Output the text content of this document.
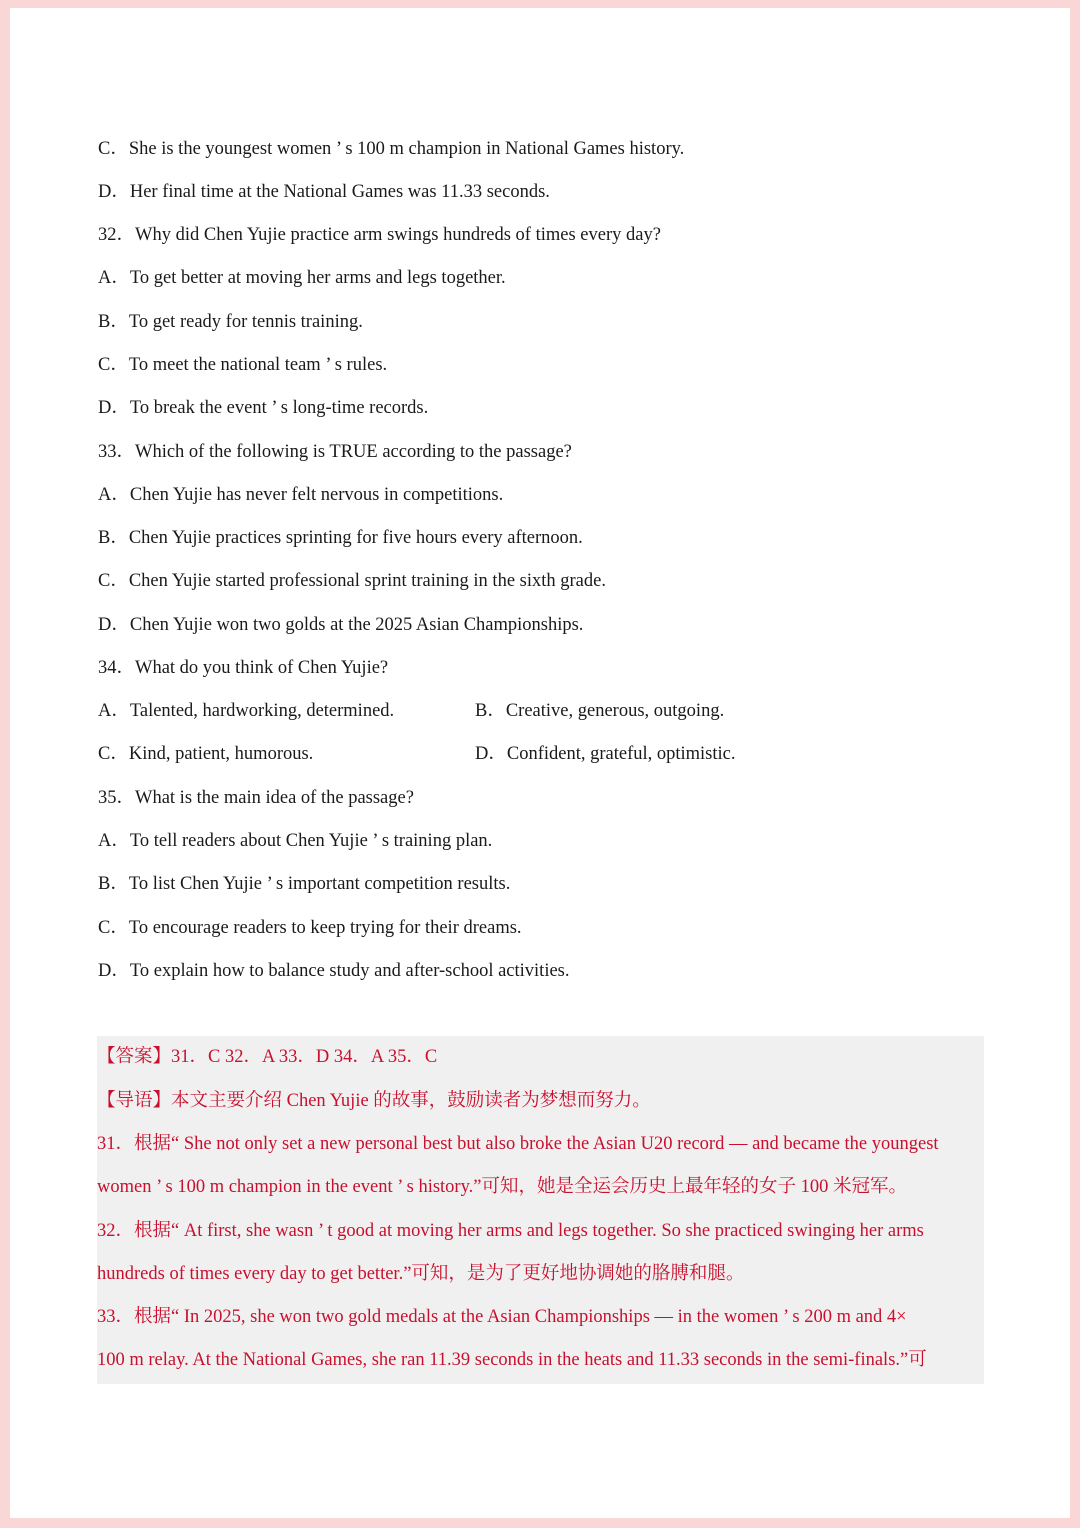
C．She is the youngest women ’ s 100 m champion in National Games history.
D．Her final time at the National Games was 11.33 seconds.
32．Why did Chen Yujie practice arm swings hundreds of times every day?
A．To get better at moving her arms and legs together.
B．To get ready for tennis training.
C．To meet the national team ’ s rules.
D．To break the event ’ s long-time records.
33．Which of the following is TRUE according to the passage?
A．Chen Yujie has never felt nervous in competitions.
B．Chen Yujie practices sprinting for five hours every afternoon.
C．Chen Yujie started professional sprint training in the sixth grade.
D．Chen Yujie won two golds at the 2025 Asian Championships.
34．What do you think of Chen Yujie?
A．Talented, hardworking, determined.	B．Creative, generous, outgoing.
C．Kind, patient, humorous.	D．Confident, grateful, optimistic.
35．What is the main idea of the passage?
A．To tell readers about Chen Yujie ’ s training plan.
B．To list Chen Yujie ’ s important competition results.
C．To encourage readers to keep trying for their dreams.
D．To explain how to balance study and after-school activities.
【答案】31．C 32．A 33．D 34．A 35．C
【导语】本文主要介绍 Chen Yujie 的故事，鼓励读者为梦想而努力。
31．根据“ She not only set a new personal best but also broke the Asian U20 record — and became the youngest
women ’ s 100 m champion in the event ’ s history.”可知，她是全运会历史上最年轻的女子 100 米冠军。
32．根据“ At first, she wasn ’ t good at moving her arms and legs together. So she practiced swinging her arms
hundreds of times every day to get better.”可知，是为了更好地协调她的胳膊和腿。
33．根据“ In 2025, she won two gold medals at the Asian Championships — in the women ’ s 200 m and 4×
100 m relay. At the National Games, she ran 11.39 seconds in the heats and 11.33 seconds in the semi-finals.”可
